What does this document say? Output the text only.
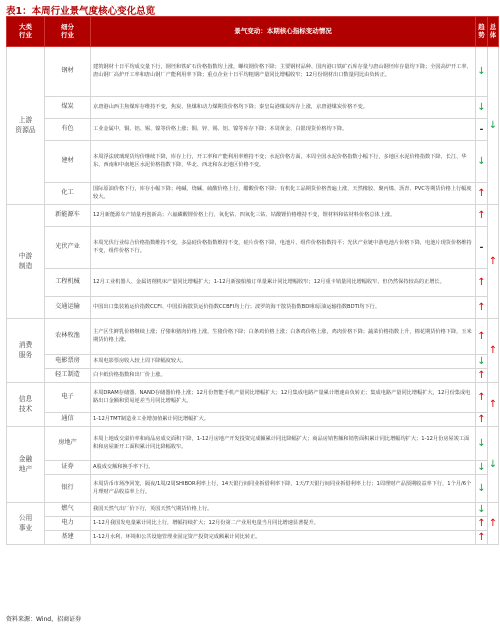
表1：本周行业景气度核心变化总览
大类
行业	细分
行业	景气变动：本期核心指标变动情况	趋
势	总
体
上游
资源品	钢材	建筑钢材十日平均成交量下行，钢坯和铁矿石价格指数均上涨，螺纹钢价格下降；主要钢材品种、国内港口铁矿石库存量与唐山钢坯库存量均下降；全国高炉开工率、唐山钢厂高炉开工率和唐山钢厂产能利用率下降；重点企业十日平均粗钢产量同比增幅收窄；12月份钢材出口数量同比由负转正。	↓	↓
	煤炭	京唐港山西主焦煤库存维持不变，焦炭、焦煤和动力煤期货价格均下降；秦皇岛港煤炭库存上涨，京唐港煤炭价格不变。	↓	
	有色	工业金属中，铜、铝、锡、镍等价格上涨；铜、锌、锡、铝、镍等库存下降；本周黄金、白银现货价格均下降。	-	
	建材	本周浮法玻璃现货均价继续下降，库存上行，开工率和产能利用率维持不变；水泥价格方面，本周全国水泥价格指数小幅下行，多地区水泥价格指数下降，长江、华东、西南和中南地区水泥价格指数下降，华北、西北和东北地区价格不变。	↓	
	化工	国际原油价格下行，库存小幅下降；纯碱、烧碱、硫酸价格上行，醋酸价格下降；有机化工品期货价格普遍上涨，天然橡胶、聚丙烯、沥青、PVC等期货价格上行幅度较大。	↑	
中游
制造	新能源车	12月新能源车产销量再创新高；六氟磷酸锂价格上行，氧化钴、四氧化三钴、钴酸锂价格维持不变，锂材料和钴材料价格总体上涨。	↑	↑
	光伏产业	本周光伏行业综合价格指数维持不变，多晶硅价格指数维持不变，硅片价格下降，电池片、组件价格指数持平；光伏产业链中游电池片价格下降，电池片现货价格维持不变，组件价格下行。	-	
	工程机械	12月工业机器人、金属切削机床产量同比增幅扩大；1-12月新接船舶订单量累计同比增幅收窄；12月重卡销量同比增幅收窄，但仍然保持较高的正增长。	↑	
	交通运输	中国出口集装箱运价指数CCFI、中国沿海散货运价指数CCBFI均上行；波罗的海干散货指数BDI和原油运输指数BDTI均下行。	↑	
消费
服务	农林牧渔	主产区生鲜乳价格继续上涨；仔猪和猪肉价格上涨，生猪价格下降；白条鸡价格上涨；白条鸡价格上涨，鸡肉价格下降；蔬菜价格指数上升，棉花期货价格下降，玉米期货价格上涨。	↑	↑
	电影票房	本周电影票房收入较上周下降幅度较大。	↓	
	轻工制造	白卡纸价格指数和出厂价上涨。	↑	
信息
技术	电子	本周DRAM存储器、NAND存储器价格上涨；12月份智能手机产量同比增幅扩大；12月集成电路产量累计增速由负转正；集成电路产量同比增幅扩大，12月份集成电路出口金额和贸易逆差当月同比增幅扩大。	↑	↑
	通信	1-12月TMT制造业工业增加值累计同比增幅扩大。	↑	
金融
地产	房地产	本周上地成交溢价率和商品房成交面积下降，1-12月房地产开发投资完成额累计同比降幅扩大；商品房销售额和销售面积累计同比增幅均扩大；1-12月份房屋竣工面积和房屋新开工面积累计同比降幅收窄。	↓	↓
	证券	A股成交额和换手率下行。	↓	
	银行	本周货币市场净回笼，隔夜/1周/2周SHIBOR利率上行，14天银行间同业拆借利率下降，1天/7天银行间同业拆借利率上行；1周理财产品预期收益率下行，1个月/6个月理财产品收益率上行。	↓	
公用
事业	燃气	我国天然气出厂价下行，英国天然气期货价格上行。	↓	↑
	电力	1-12月我国发电量累计同比上行，增幅持续扩大；12月份第二产业用电量当月同比增速显著提升。	↑	
	基建	1-12月水利、环境和公共设施管理业固定资产投资完成额累计同比转正。	↑	
资料来源：Wind，招商证券
